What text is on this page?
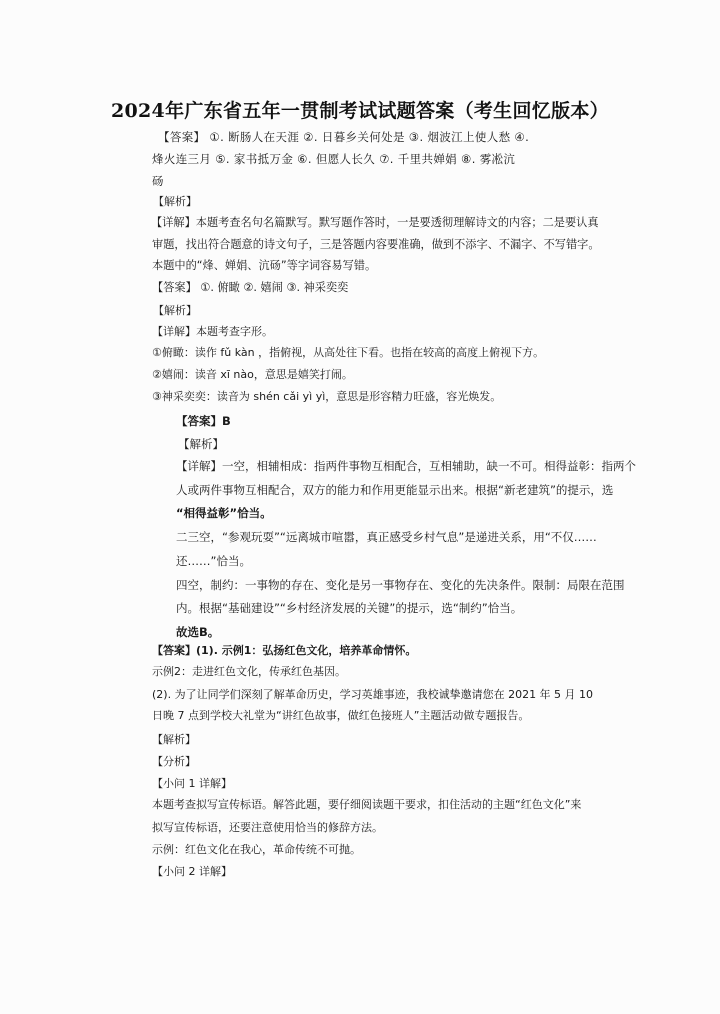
2024年广东省五年一贯制考试试题答案（考生回忆版本）
【答案】 ①. 断肠人在天涯 ②. 日暮乡关何处是 ③. 烟波江上使人愁 ④.
烽火连三月 ⑤. 家书抵万金 ⑥. 但愿人长久 ⑦. 千里共婵娟 ⑧. 雾凇沆
砀
【解析】
【详解】本题考查名句名篇默写。默写题作答时，一是要透彻理解诗文的内容；二是要认真
审题，找出符合题意的诗文句子，三是答题内容要准确，做到不添字、不漏字、不写错字。
本题中的“烽、婵娟、沆砀”等字词容易写错。
【答案】 ①. 俯瞰 ②. 嬉闹 ③. 神采奕奕
【解析】
【详解】本题考查字形。
①俯瞰：读作 fǔ kàn ，指俯视，从高处往下看。也指在较高的高度上俯视下方。
②嬉闹：读音 xī nào，意思是嬉笑打闹。
③神采奕奕：读音为 shén cǎi yì yì，意思是形容精力旺盛，容光焕发。
【答案】B
【解析】
【详解】一空，相辅相成：指两件事物互相配合，互相辅助，缺一不可。相得益彰：指两个
人或两件事物互相配合，双方的能力和作用更能显示出来。根据“新老建筑”的提示，选
“相得益彰”恰当。
二三空，“参观玩耍”“远离城市喧嚣，真正感受乡村气息”是递进关系，用“不仅……
还……”恰当。
四空，制约：一事物的存在、变化是另一事物存在、变化的先决条件。限制：局限在范围
内。根据“基础建设”“乡村经济发展的关键”的提示，选“制约”恰当。
故选B。
【答案】(1). 示例1：弘扬红色文化，培养革命情怀。
示例2：走进红色文化，传承红色基因。
(2). 为了让同学们深刻了解革命历史，学习英雄事迹，我校诚挚邀请您在 2021 年 5 月 10
日晚 7 点到学校大礼堂为“讲红色故事，做红色接班人”主题活动做专题报告。
【解析】
【分析】
【小问 1 详解】
本题考查拟写宣传标语。解答此题，要仔细阅读题干要求，扣住活动的主题“红色文化”来
拟写宣传标语，还要注意使用恰当的修辞方法。
示例：红色文化在我心，革命传统不可抛。
【小问 2 详解】
